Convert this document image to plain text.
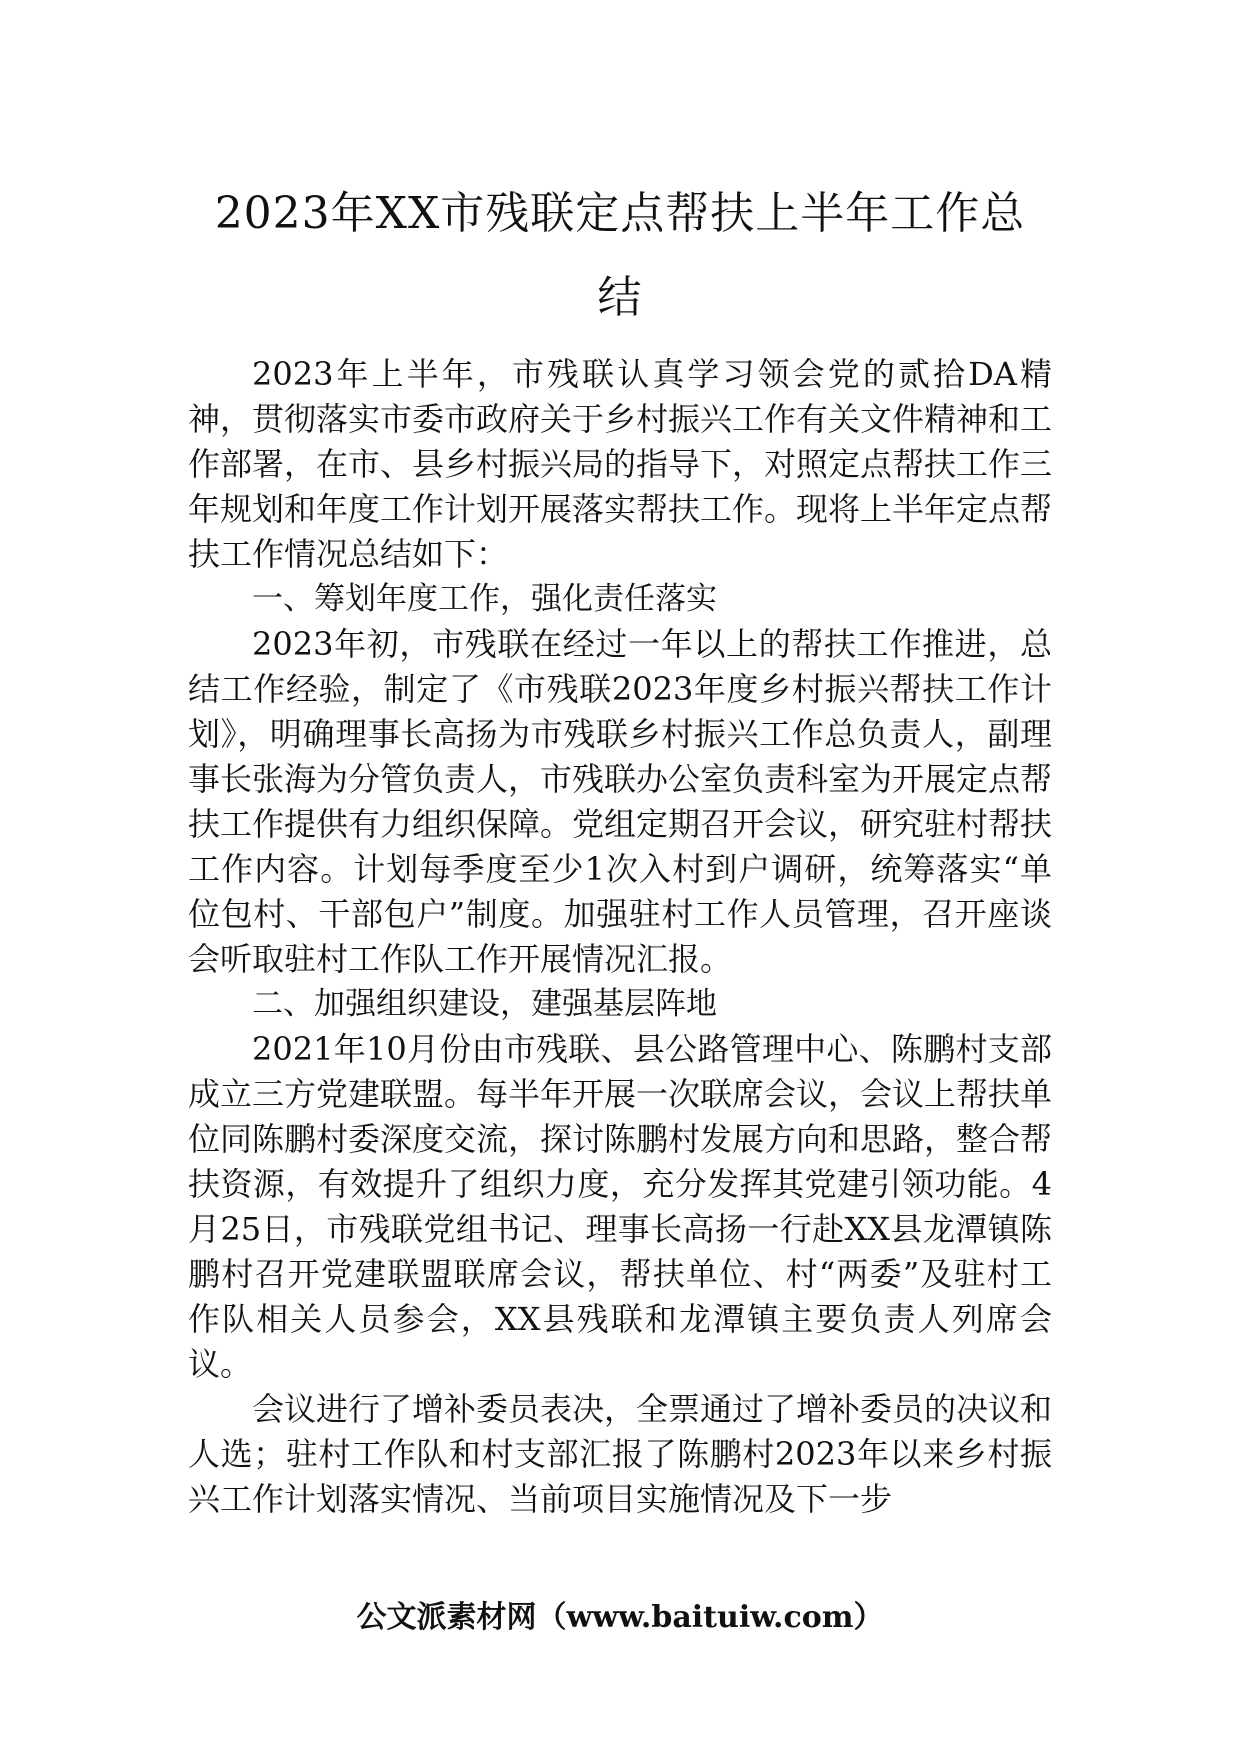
2023年XX市残联定点帮扶上半年工作总
结

2023年上半年，市残联认真学习领会党的贰拾DA精神，贯彻落实市委市政府关于乡村振兴工作有关文件精神和工作部署，在市、县乡村振兴局的指导下，对照定点帮扶工作三年规划和年度工作计划开展落实帮扶工作。现将上半年定点帮扶工作情况总结如下：

一、筹划年度工作，强化责任落实

2023年初，市残联在经过一年以上的帮扶工作推进，总结工作经验，制定了《市残联2023年度乡村振兴帮扶工作计划》，明确理事长高扬为市残联乡村振兴工作总负责人，副理事长张海为分管负责人，市残联办公室负责科室为开展定点帮扶工作提供有力组织保障。党组定期召开会议，研究驻村帮扶工作内容。计划每季度至少1次入村到户调研，统筹落实“单位包村、干部包户”制度。加强驻村工作人员管理，召开座谈会听取驻村工作队工作开展情况汇报。

二、加强组织建设，建强基层阵地

2021年10月份由市残联、县公路管理中心、陈鹏村支部成立三方党建联盟。每半年开展一次联席会议，会议上帮扶单位同陈鹏村委深度交流，探讨陈鹏村发展方向和思路，整合帮扶资源，有效提升了组织力度，充分发挥其党建引领功能。4月25日，市残联党组书记、理事长高扬一行赴XX县龙潭镇陈鹏村召开党建联盟联席会议，帮扶单位、村“两委”及驻村工作队相关人员参会，XX县残联和龙潭镇主要负责人列席会议。

会议进行了增补委员表决，全票通过了增补委员的决议和人选；驻村工作队和村支部汇报了陈鹏村2023年以来乡村振兴工作计划落实情况、当前项目实施情况及下一步

公文派素材网（www.baituiw.com）
